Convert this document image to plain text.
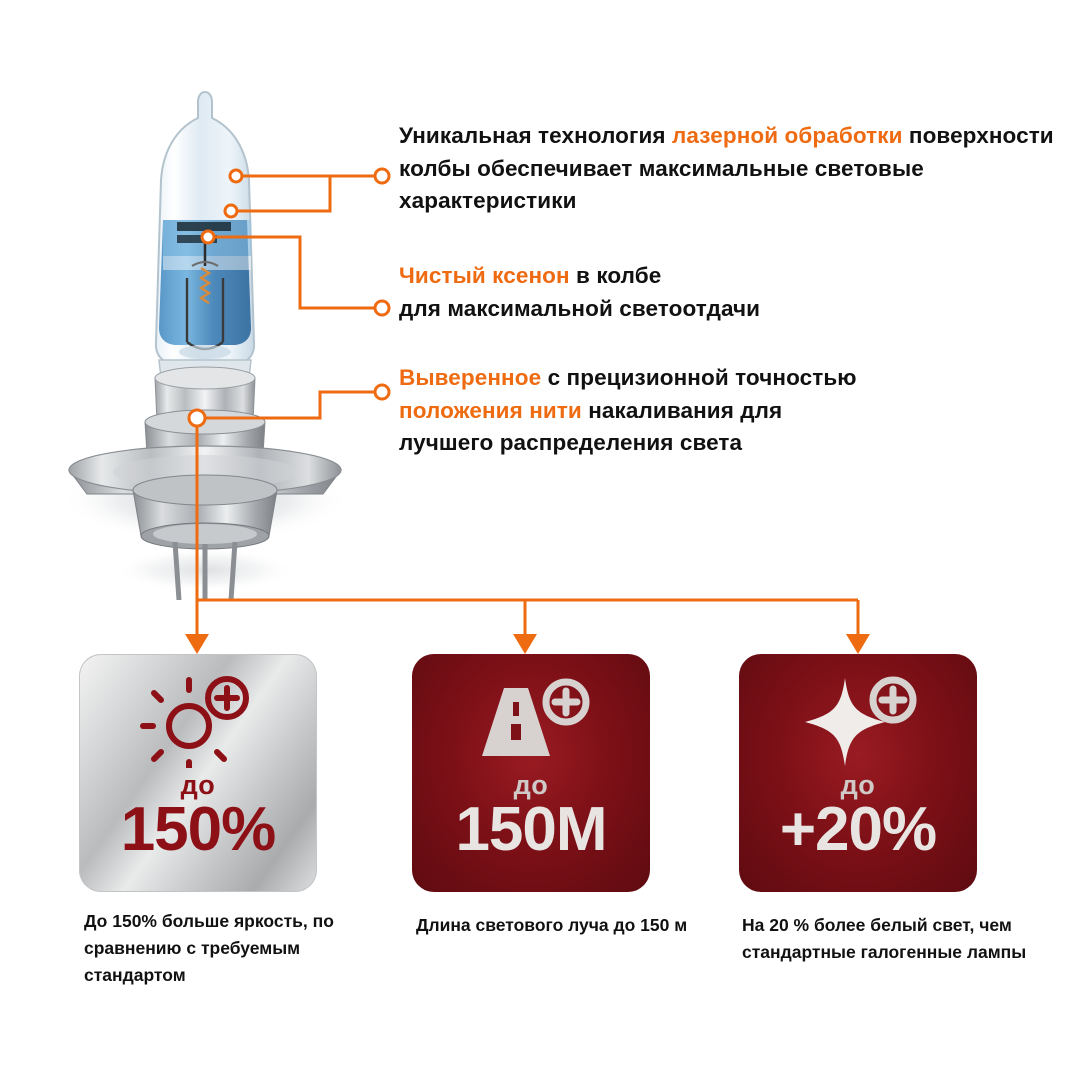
Уникальная технология лазерной обработки поверхности колбы обеспечивает максимальные световые характеристики
Чистый ксенон в колбе
для максимальной светоотдачи
Выверенное с прецизионной точностью
положения нити накаливания для
лучшего распределения света
до
150%
до
150М
до
+20%
До 150% больше яркость, по сравнению с требуемым стандартом
Длина светового луча до 150 м	На 20 % более белый свет, чем стандартные галогенные лампы
